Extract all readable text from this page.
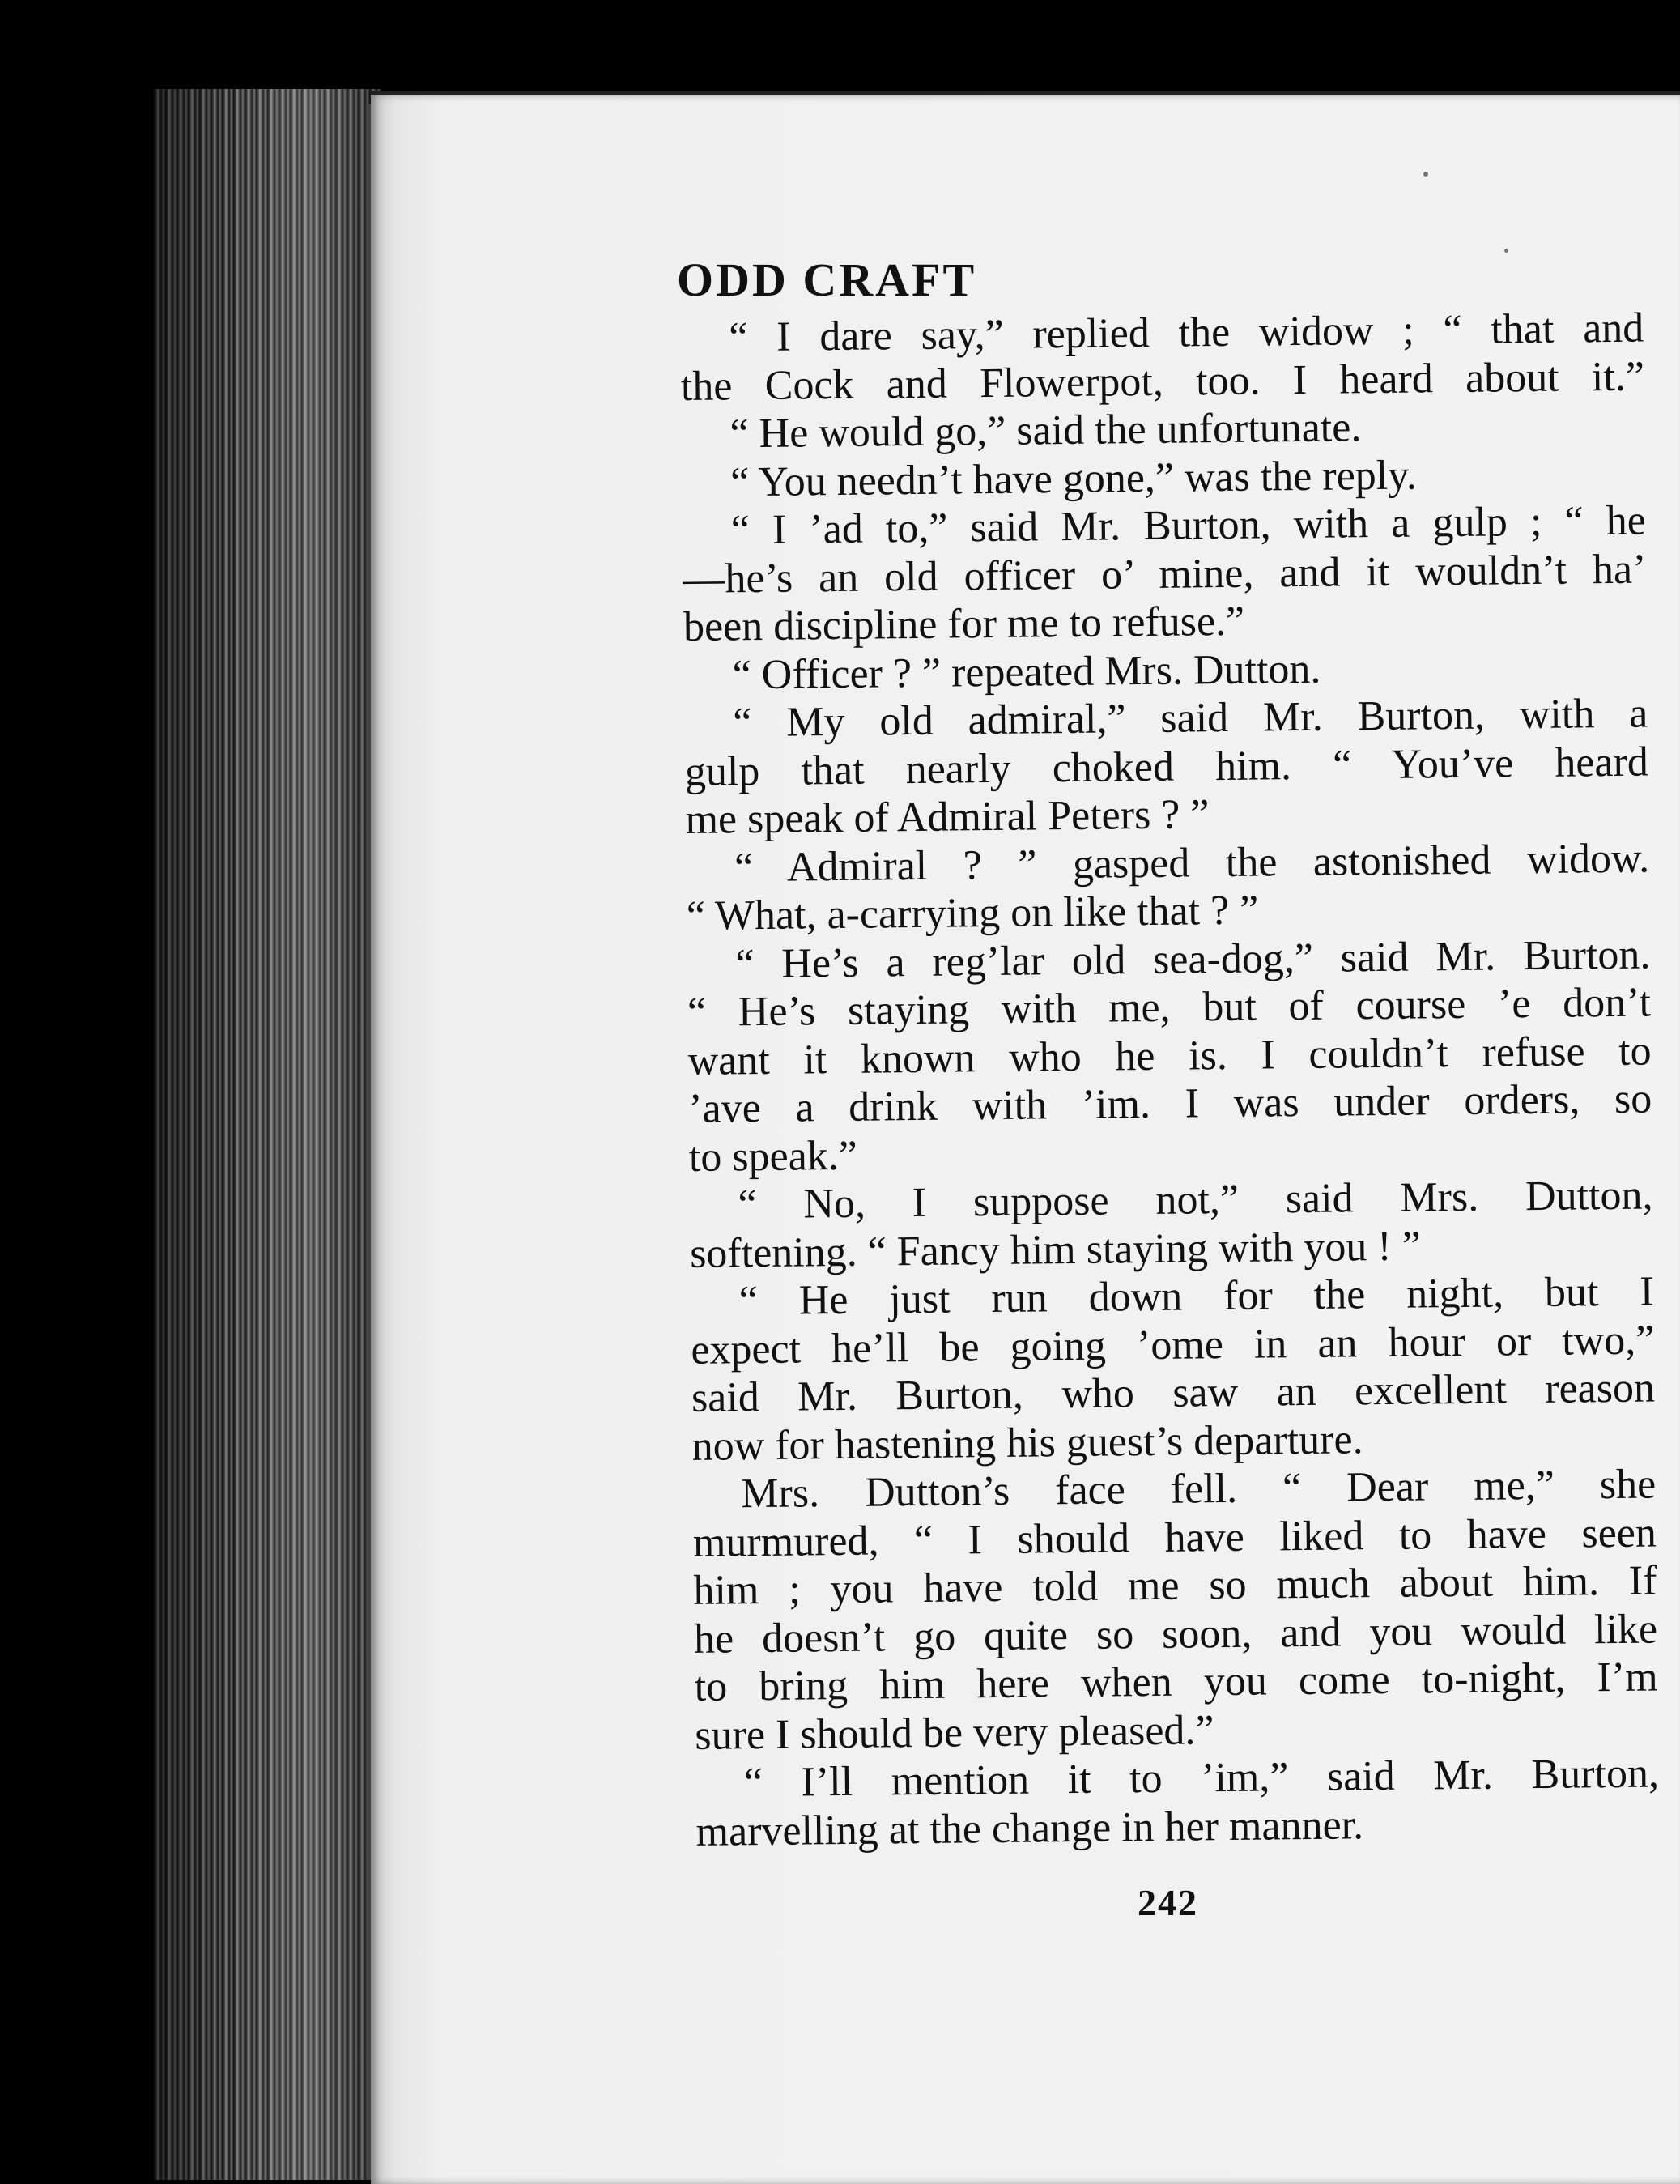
ODD CRAFT
“ I dare say,” replied the widow ; “ that and
the Cock and Flowerpot, too. I heard about it.”
“ He would go,” said the unfortunate.
“ You needn’t have gone,” was the reply.
“ I ’ad to,” said Mr. Burton, with a gulp ; “ he
—he’s an old officer o’ mine, and it wouldn’t ha’
been discipline for me to refuse.”
“ Officer ? ” repeated Mrs. Dutton.
“ My old admiral,” said Mr. Burton, with a
gulp that nearly choked him. “ You’ve heard
me speak of Admiral Peters ? ”
“ Admiral ? ” gasped the astonished widow.
“ What, a-carrying on like that ? ”
“ He’s a reg’lar old sea-dog,” said Mr. Burton.
“ He’s staying with me, but of course ’e don’t
want it known who he is. I couldn’t refuse to
’ave a drink with ’im. I was under orders, so
to speak.”
“ No, I suppose not,” said Mrs. Dutton,
softening. “ Fancy him staying with you ! ”
“ He just run down for the night, but I
expect he’ll be going ’ome in an hour or two,”
said Mr. Burton, who saw an excellent reason
now for hastening his guest’s departure.
Mrs. Dutton’s face fell. “ Dear me,” she
murmured, “ I should have liked to have seen
him ; you have told me so much about him. If
he doesn’t go quite so soon, and you would like
to bring him here when you come to-night, I’m
sure I should be very pleased.”
“ I’ll mention it to ’im,” said Mr. Burton,
marvelling at the change in her manner.
242
